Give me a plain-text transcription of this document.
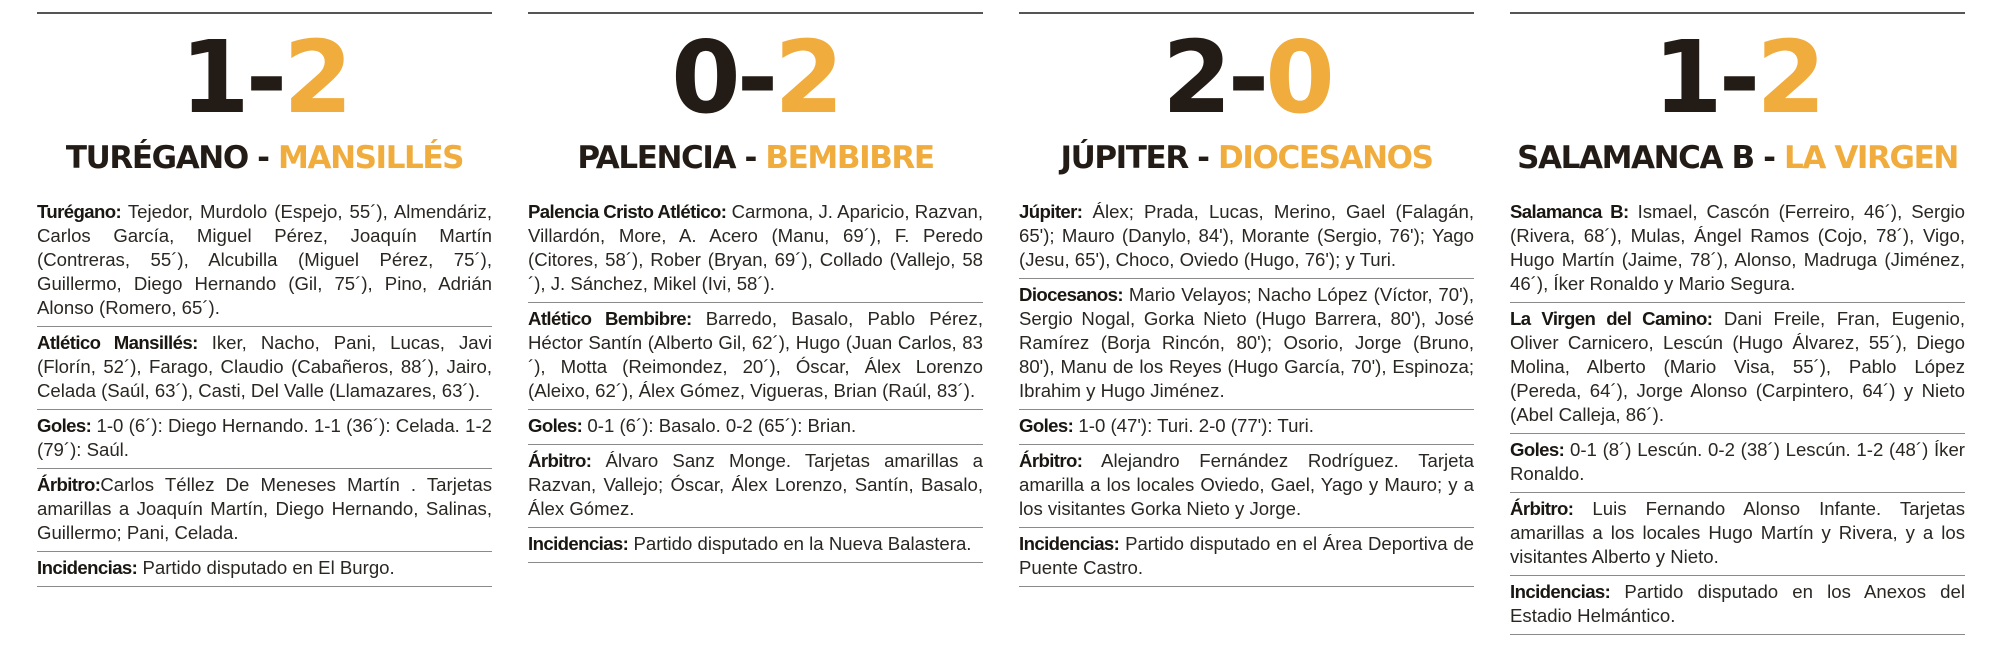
1-2
TURÉGANO - MANSILLÉS
Turégano: Tejedor, Murdolo (Espejo, 55´), Almendáriz, Carlos García, Miguel Pérez, Joaquín Martín (Contreras, 55´), Alcubilla (Miguel Pérez, 75´), Guillermo, Diego Hernando (Gil, 75´), Pino, Adrián Alonso (Romero, 65´).
Atlético Mansillés: Iker, Nacho, Pani, Lucas, Javi (Florín, 52´), Farago, Claudio (Cabañeros, 88´), Jairo, Celada (Saúl, 63´), Casti, Del Valle (Llamazares, 63´).
Goles: 1-0 (6´): Diego Hernando. 1-1 (36´): Celada. 1-2 (79´): Saúl.
Árbitro:Carlos Téllez De Meneses Martín . Tarjetas amarillas a Joaquín Martín, Diego Hernando, Salinas, Guillermo; Pani, Celada.
Incidencias: Partido disputado en El Burgo.
0-2
PALENCIA - BEMBIBRE
Palencia Cristo Atlético: Carmona, J. Aparicio, Razvan, Villardón, More, A. Acero (Manu, 69´), F. Peredo (Citores, 58´), Rober (Bryan, 69´), Collado (Vallejo, 58´), J. Sánchez, Mikel (Ivi, 58´).
Atlético Bembibre: Barredo, Basalo, Pablo Pérez, Héctor Santín (Alberto Gil, 62´), Hugo (Juan Carlos, 83´), Motta (Reimondez, 20´), Óscar, Álex Lorenzo (Aleixo, 62´), Álex Gómez, Vigueras, Brian (Raúl, 83´).
Goles: 0-1 (6´): Basalo. 0-2 (65´): Brian.
Árbitro: Álvaro Sanz Monge. Tarjetas amarillas a Razvan, Vallejo; Óscar, Álex Lorenzo, Santín, Basalo, Álex Gómez.
Incidencias: Partido disputado en la Nueva Balastera.
2-0
JÚPITER - DIOCESANOS
Júpiter: Álex; Prada, Lucas, Merino, Gael (Falagán, 65'); Mauro (Danylo, 84'), Morante (Sergio, 76'); Yago (Jesu, 65'), Choco, Oviedo (Hugo, 76'); y Turi.
Diocesanos: Mario Velayos; Nacho López (Víctor, 70'), Sergio Nogal, Gorka Nieto (Hugo Barrera, 80'), José Ramírez (Borja Rincón, 80'); Osorio, Jorge (Bruno, 80'), Manu de los Reyes (Hugo García, 70'), Espinoza; Ibrahim y Hugo Jiménez.
Goles: 1-0 (47'): Turi. 2-0 (77'): Turi.
Árbitro: Alejandro Fernández Rodríguez. Tarjeta amarilla a los locales Oviedo, Gael, Yago y Mauro; y a los visitantes Gorka Nieto y Jorge.
Incidencias: Partido disputado en el Área Deportiva de Puente Castro.
1-2
SALAMANCA B - LA VIRGEN
Salamanca B: Ismael, Cascón (Ferreiro, 46´), Sergio (Rivera, 68´), Mulas, Ángel Ramos (Cojo, 78´), Vigo, Hugo Martín (Jaime, 78´), Alonso, Madruga (Jiménez, 46´), Íker Ronaldo y Mario Segura.
La Virgen del Camino: Dani Freile, Fran, Eugenio, Oliver Carnicero, Lescún (Hugo Álvarez, 55´), Diego Molina, Alberto (Mario Visa, 55´), Pablo López (Pereda, 64´), Jorge Alonso (Carpintero, 64´) y Nieto (Abel Calleja, 86´).
Goles: 0-1 (8´) Lescún. 0-2 (38´) Lescún. 1-2 (48´) Íker Ronaldo.
Árbitro: Luis Fernando Alonso Infante. Tarjetas amarillas a los locales Hugo Martín y Rivera, y a los visitantes Alberto y Nieto.
Incidencias: Partido disputado en los Anexos del Estadio Helmántico.
